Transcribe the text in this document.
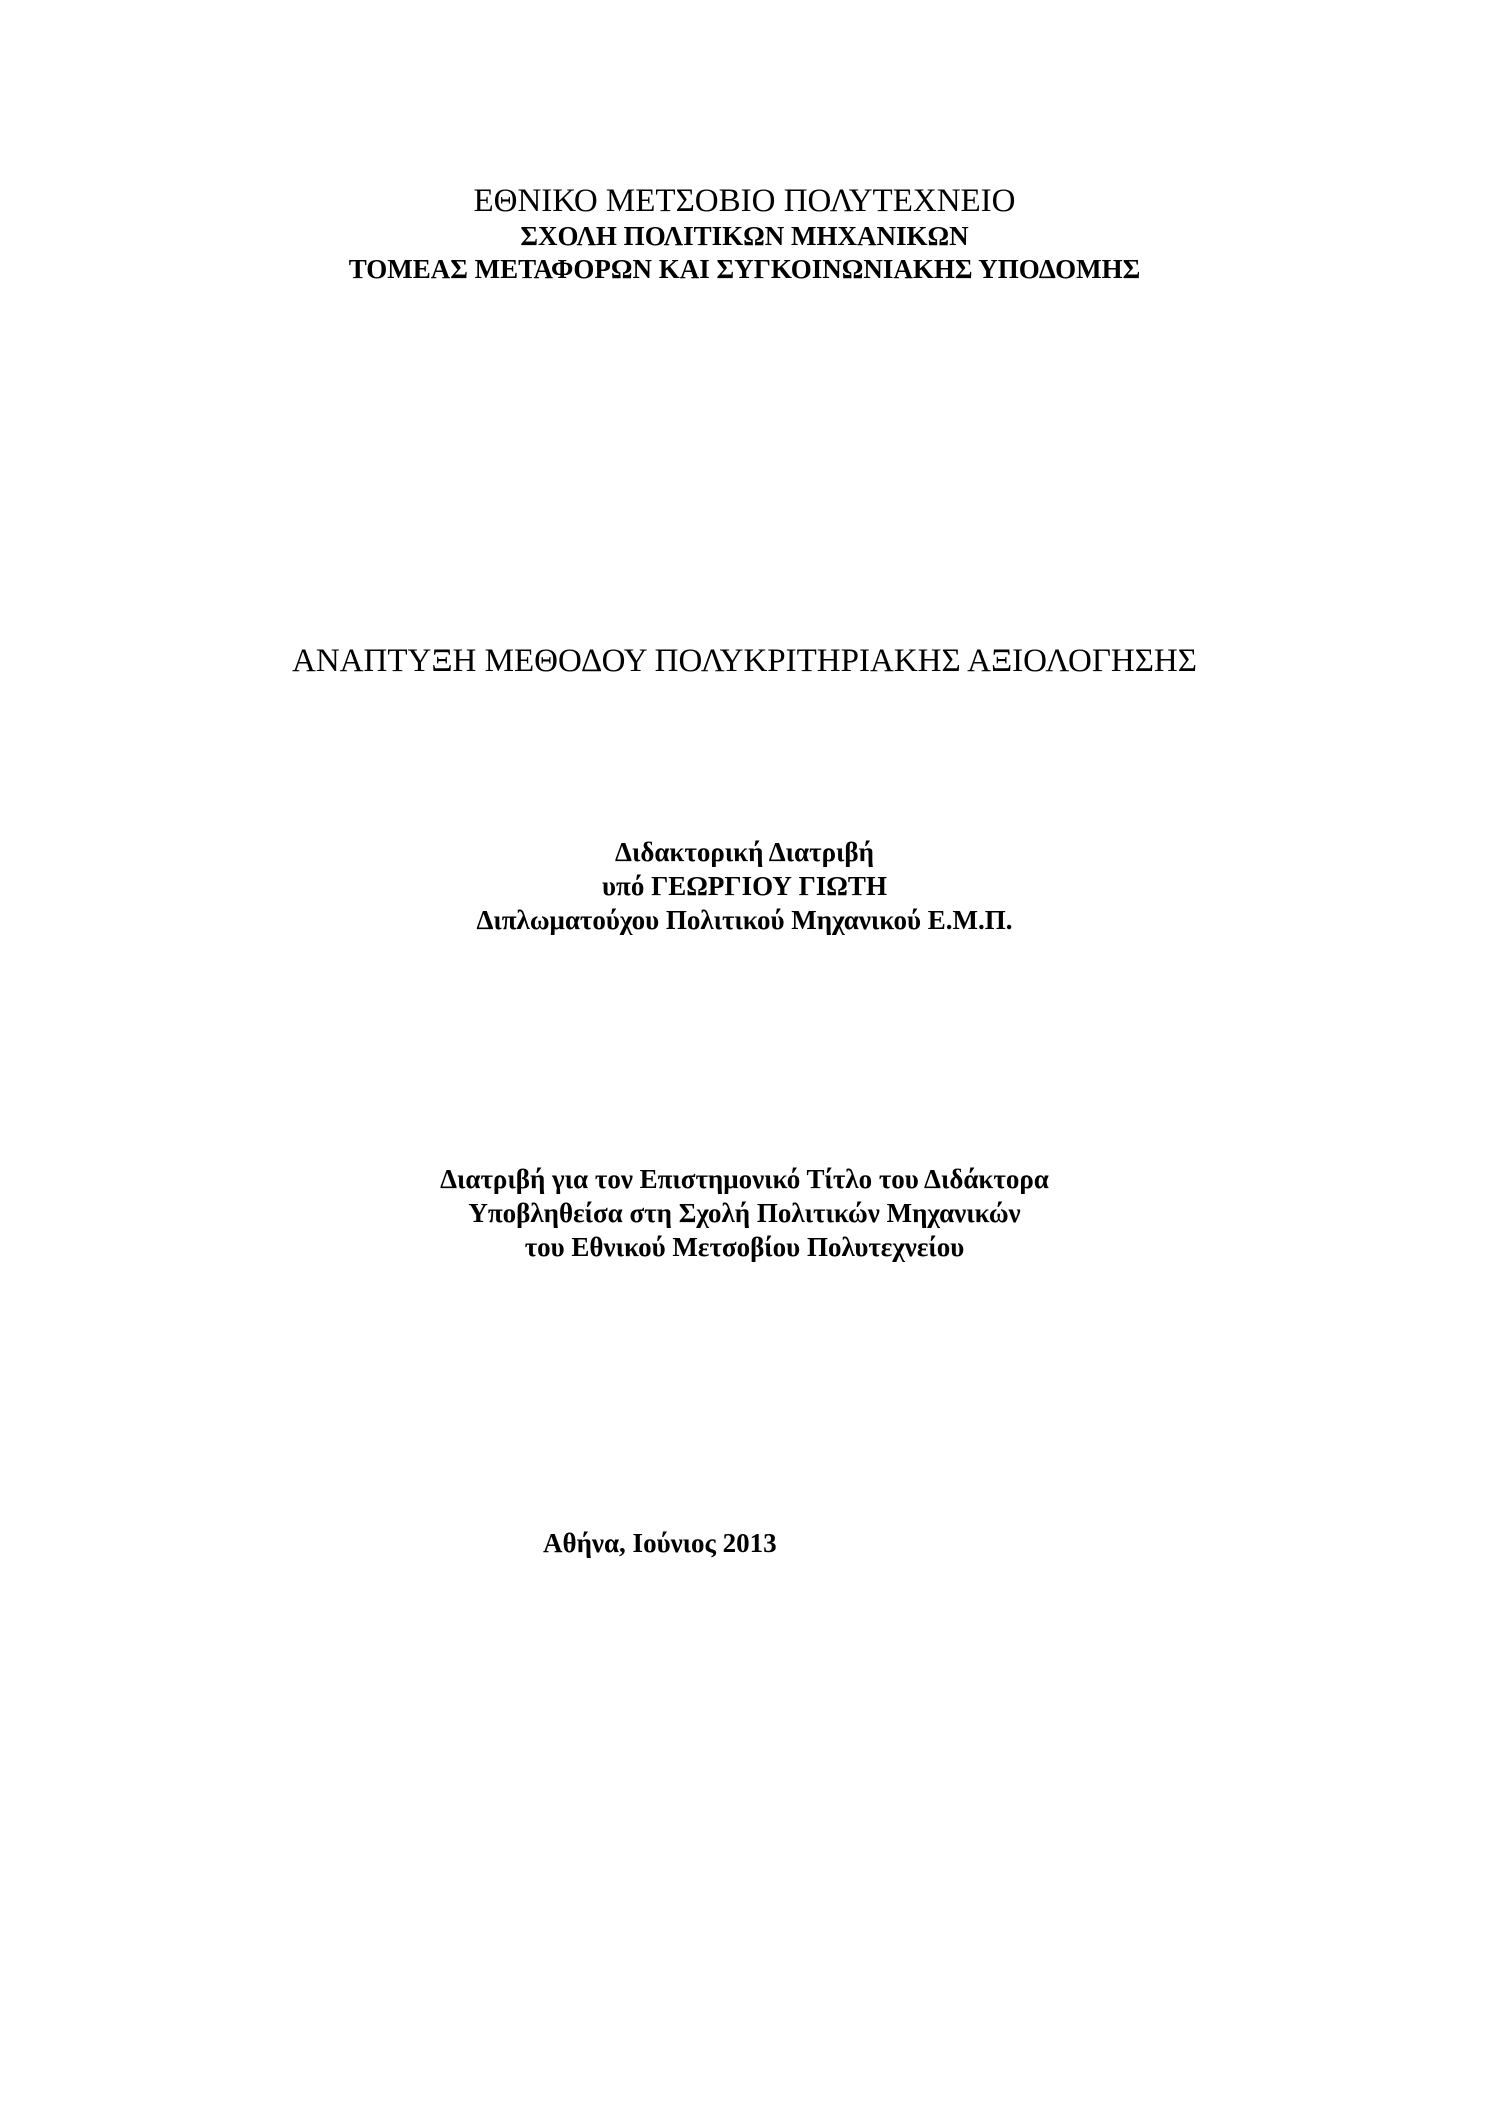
ΕΘΝΙΚΟ ΜΕΤΣΟΒΙΟ ΠΟΛΥΤΕΧΝΕΙΟ
ΣΧΟΛΗ ΠΟΛΙΤΙΚΩΝ ΜΗΧΑΝΙΚΩΝ
ΤΟΜΕΑΣ ΜΕΤΑΦΟΡΩΝ ΚΑΙ ΣΥΓΚΟΙΝΩΝΙΑΚΗΣ ΥΠΟΔΟΜΗΣ
ΑΝΑΠΤΥΞΗ ΜΕΘΟΔΟΥ ΠΟΛΥΚΡΙΤΗΡΙΑΚΗΣ ΑΞΙΟΛΟΓΗΣΗΣ
Διδακτορική Διατριβή
υπό ΓΕΩΡΓΙΟΥ ΓΙΩΤΗ
Διπλωματούχου Πολιτικού Μηχανικού Ε.Μ.Π.
Διατριβή για τον Επιστημονικό Τίτλο του Διδάκτορα
Υποβληθείσα στη Σχολή Πολιτικών Μηχανικών
του Εθνικού Μετσοβίου Πολυτεχνείου
Αθήνα, Ιούνιος 2013
